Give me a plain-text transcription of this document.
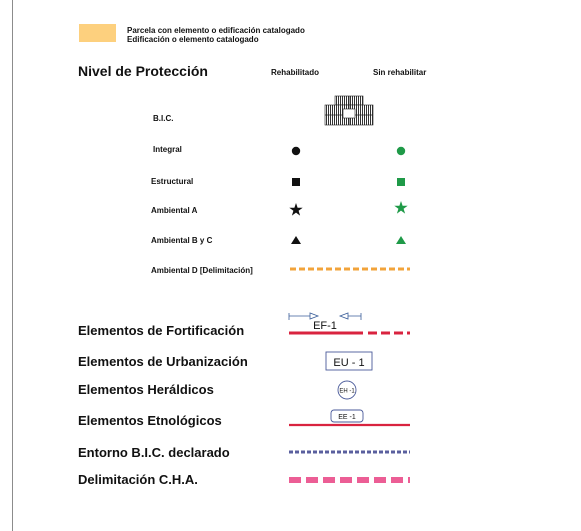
Parcela con elemento o edificación catalogado
Edificación o elemento catalogado
Nivel de Protección	Rehabilitado	Sin rehabilitar
B.I.C.
Integral
Estructural
Ambiental A
Ambiental B y C
Ambiental D [Delimitación]
Elementos de Fortificación
Elementos de Urbanización
Elementos Heráldicos
Elementos Etnológicos
Entorno B.I.C. declarado
Delimitación C.H.A.
EF-1
EU - 1
EH -1
EE -1
